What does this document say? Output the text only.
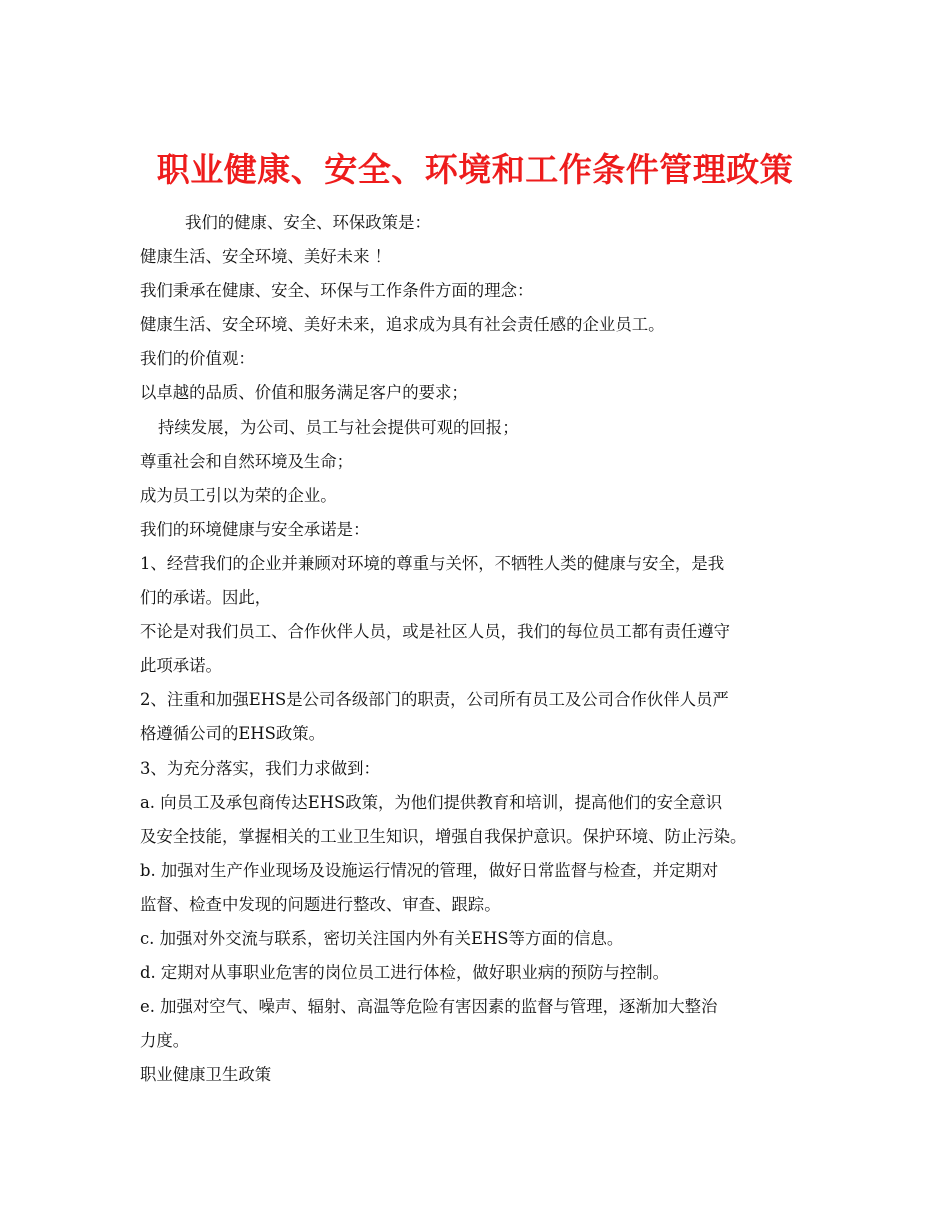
职业健康、安全、环境和工作条件管理政策

我们的健康、安全、环保政策是：

健康生活、安全环境、美好未来 ！

我们秉承在健康、安全、环保与工作条件方面的理念：

健康生活、安全环境、美好未来，追求成为具有社会责任感的企业员工。

我们的价值观：

以卓越的品质、价值和服务满足客户的要求；

持续发展，为公司、员工与社会提供可观的回报；

尊重社会和自然环境及生命；

成为员工引以为荣的企业。

我们的环境健康与安全承诺是：

1、经营我们的企业并兼顾对环境的尊重与关怀，不牺牲人类的健康与安全，是我

们的承诺。因此，

不论是对我们员工、合作伙伴人员，或是社区人员，我们的每位员工都有责任遵守

此项承诺。

2、注重和加强EHS是公司各级部门的职责，公司所有员工及公司合作伙伴人员严

格遵循公司的EHS政策。

3、为充分落实，我们力求做到：

a. 向员工及承包商传达EHS政策，为他们提供教育和培训，提高他们的安全意识

及安全技能，掌握相关的工业卫生知识，增强自我保护意识。保护环境、防止污染。

b. 加强对生产作业现场及设施运行情况的管理，做好日常监督与检查，并定期对

监督、检查中发现的问题进行整改、审查、跟踪。

c. 加强对外交流与联系，密切关注国内外有关EHS等方面的信息。

d. 定期对从事职业危害的岗位员工进行体检，做好职业病的预防与控制。

e. 加强对空气、噪声、辐射、高温等危险有害因素的监督与管理，逐渐加大整治

力度。

职业健康卫生政策
